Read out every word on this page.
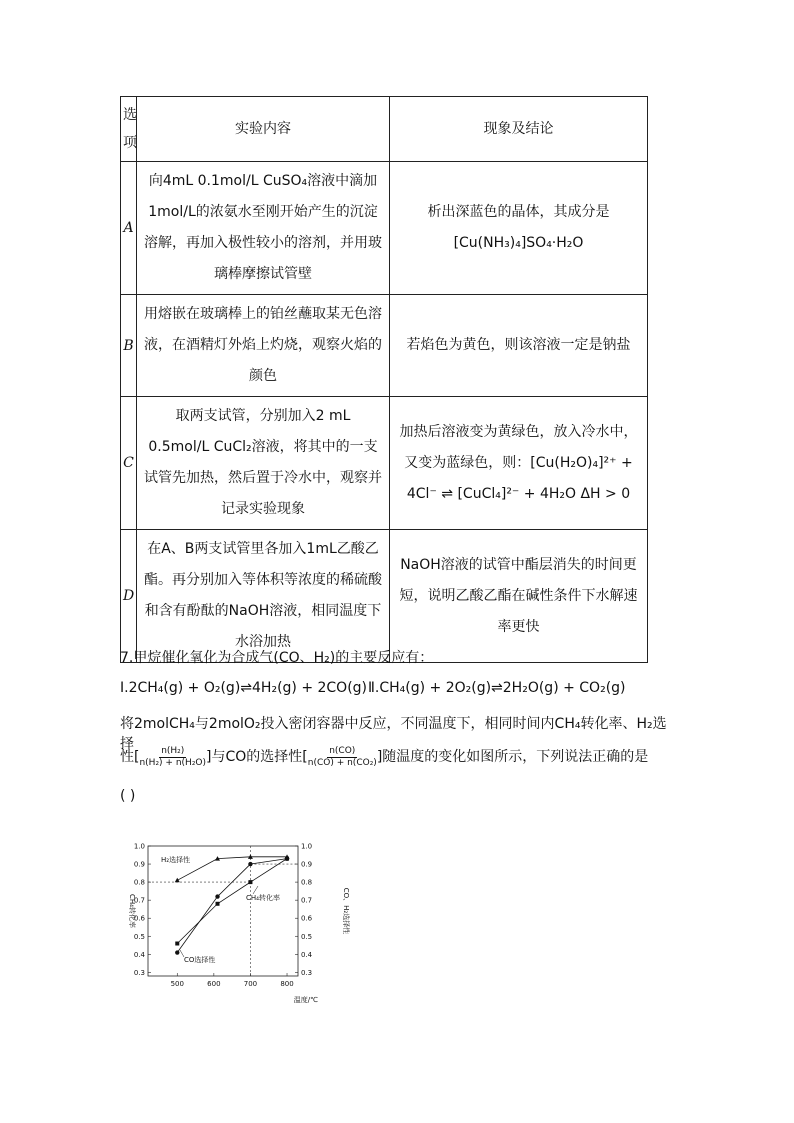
选项	实验内容	现象及结论
A	向4mL 0.1mol/L CuSO₄溶液中滴加1mol/L的浓氨水至刚开始产生的沉淀溶解，再加入极性较小的溶剂，并用玻璃棒摩擦试管壁	析出深蓝色的晶体，其成分是[Cu(NH₃)₄]SO₄·H₂O
B	用熔嵌在玻璃棒上的铂丝蘸取某无色溶液，在酒精灯外焰上灼烧，观察火焰的颜色	若焰色为黄色，则该溶液一定是钠盐
C	取两支试管，分别加入2 mL 0.5mol/L CuCl₂溶液，将其中的一支试管先加热，然后置于冷水中，观察并记录实验现象	加热后溶液变为黄绿色，放入冷水中，又变为蓝绿色，则：[Cu(H₂O)₄]²⁺ + 4Cl⁻ ⇌ [CuCl₄]²⁻ + 4H₂O ΔH > 0
D	在A、B两支试管里各加入1mL乙酸乙酯。再分别加入等体积等浓度的稀硫酸和含有酚酞的NaOH溶液，相同温度下水浴加热	NaOH溶液的试管中酯层消失的时间更短，说明乙酸乙酯在碱性条件下水解速率更快
7.甲烷催化氧化为合成气(CO、H₂)的主要反应有：
Ⅰ.2CH₄(g) + O₂(g)⇌4H₂(g) + 2CO(g) Ⅱ.CH₄(g) + 2O₂(g)⇌2H₂O(g) + CO₂(g)
将2molCH₄与2molO₂投入密闭容器中反应，不同温度下，相同时间内CH₄转化率、H₂选择
性[ $\frac{\text{n(H₂)}}{\text{n(H₂) + n(H₂O)}}$ ]与CO的选择性[ $\frac{n(CO)}{\text{n(CO) + n(CO₂)}}$ ]随温度的变化如图所示，下列说法正确的是
( )
0.3	0.3
0.4	0.4
0.5	0.5
0.6	0.6
0.7	0.7
0.8	0.8
0.9	0.9
1.0	1.0
500	600	700	800
H₂选择性
CH₄转化率
CO选择性
温度/℃
CH₄转化率	CO、H₂选择性
